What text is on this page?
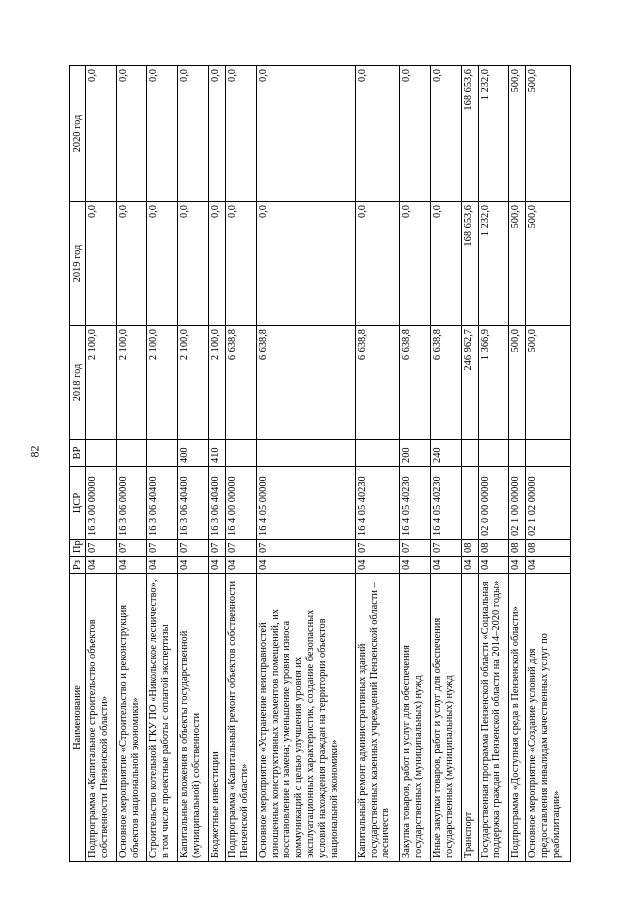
82
Наименование	Рз	Пр	ЦСР	ВР	2018 год	2019 год	2020 год
Подпрограмма «Капитальное строительство объектов собственности Пензенской области»	04	07	16 3 00 00000		2 100,0	0,0	0,0
Основное мероприятие «Строительство и реконструкция объектов национальной экономики»	04	07	16 3 06 00000		2 100,0	0,0	0,0
Строительство котельной ГКУ ПО «Никольское лесничество», в том числе проектные работы с оплатой экспертизы	04	07	16 3 06 40400		2 100,0	0,0	0,0
Капитальные вложения в объекты государственной (муниципальной) собственности	04	07	16 3 06 40400	400	2 100,0	0,0	0,0
Бюджетные инвестиции	04	07	16 3 06 40400	410	2 100,0	0,0	0,0
Подпрограмма «Капитальный ремонт объектов собственности Пензенской области»	04	07	16 4 00 00000		6 638,8	0,0	0,0
Основное мероприятие «Устранение неисправностей изношенных конструктивных элементов помещений, их восстановление и замена; уменьшение уровня износа коммуникаций с целью улучшения уровня их эксплуатационных характеристик, создание безопасных условий нахождения граждан на территории объектов национальной экономики»	04	07	16 4 05 00000		6 638,8	0,0	0,0
Капитальный ремонт административных зданий государственных казенных учреждений Пензенской области – лесничеств	04	07	16 4 05 40230		6 638,8	0,0	0,0
Закупка товаров, работ и услуг для обеспечения государственных (муниципальных) нужд	04	07	16 4 05 40230	200	6 638,8	0,0	0,0
Иные закупки товаров, работ и услуг для обеспечения государственных (муниципальных) нужд	04	07	16 4 05 40230	240	6 638,8	0,0	0,0
Транспорт	04	08			246 962,7	168 653,6	168 653,6
Государственная программа Пензенской области «Социальная поддержка граждан в Пензенской области на 2014–2020 годы»	04	08	02 0 00 00000		1 366,9	1 232,0	1 232,0
Подпрограмма «Доступная среда в Пензенской области»	04	08	02 1 00 00000		500,0	500,0	500,0
Основное мероприятие «Создание условий для предоставления инвалидам качественных услуг по реабилитации»	04	08	02 1 02 00000		500,0	500,0	500,0
